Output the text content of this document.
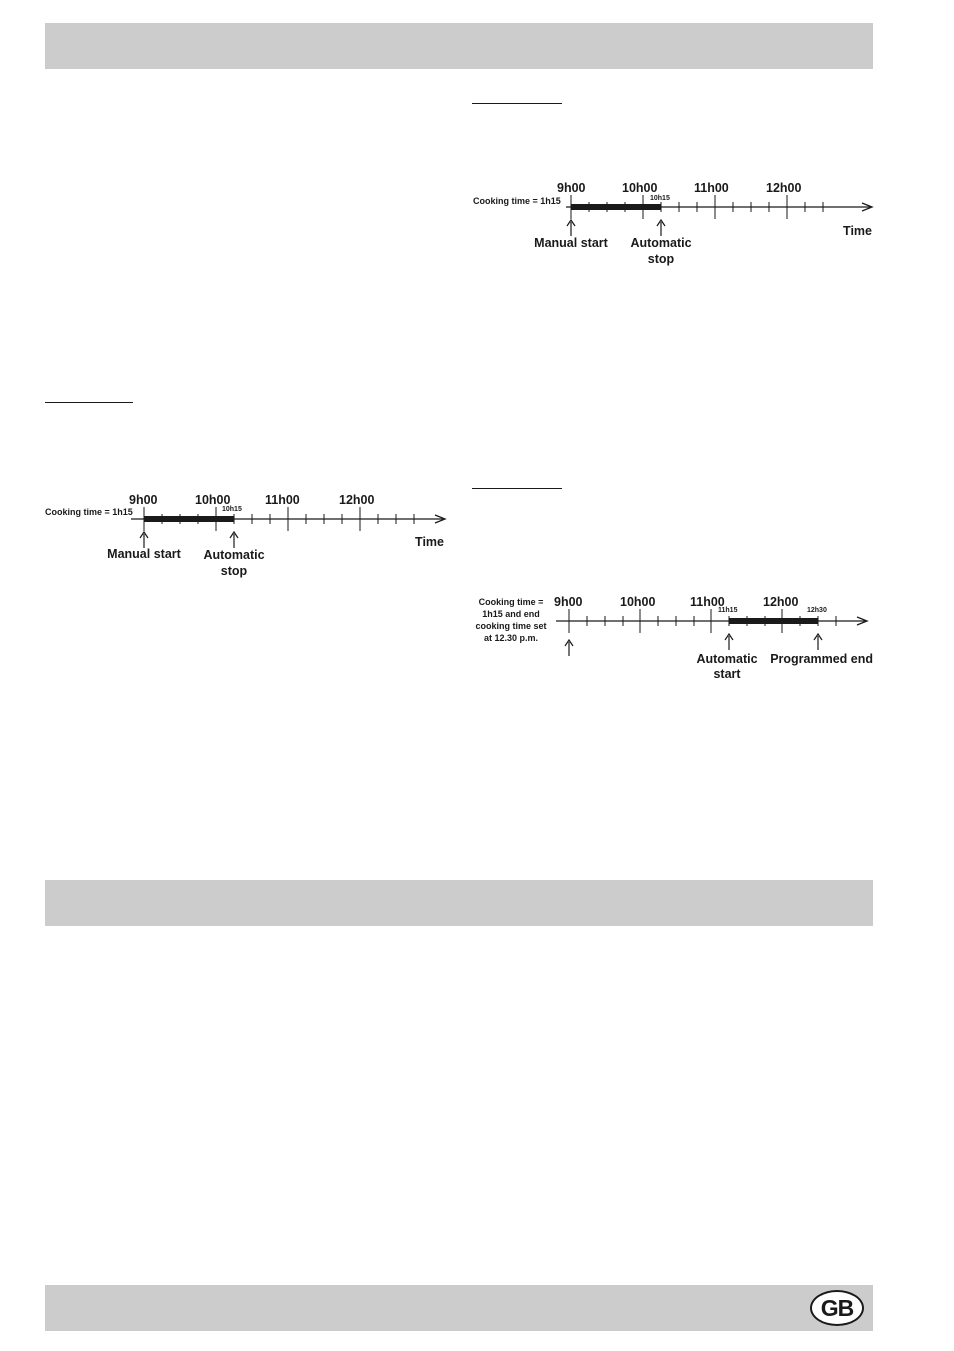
9h00	10h00	11h00	12h00
10h15
Cooking time = 1h15
Time
Manual start Automatic
stop
9h00	10h00	11h00	12h00
10h15
Cooking time = 1h15
Time
Manual start Automatic
stop
Cooking time =
1h15 and end
cooking time set
at 12.30 p.m.
9h00	10h00	11h00	12h00
11h15	12h30
Automatic
start
Programmed end
GB
